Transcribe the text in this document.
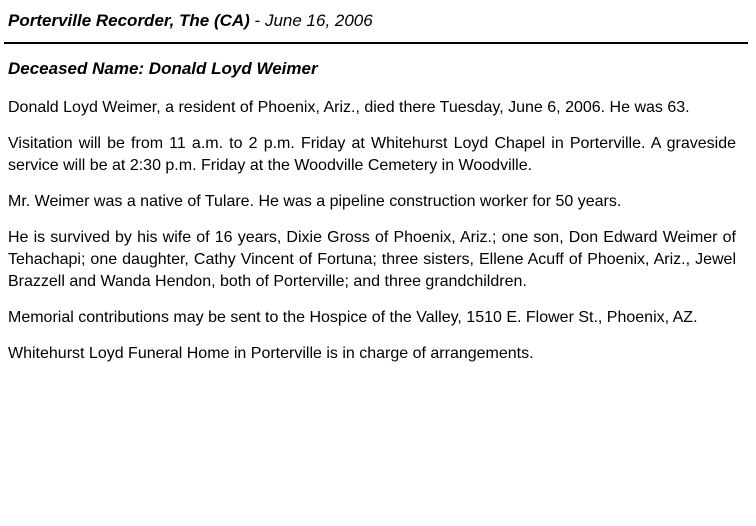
Porterville Recorder, The (CA) - June 16, 2006
Deceased Name: Donald Loyd Weimer

Donald Loyd Weimer, a resident of Phoenix, Ariz., died there Tuesday, June 6, 2006. He was 63.

Visitation will be from 11 a.m. to 2 p.m. Friday at Whitehurst Loyd Chapel in Porterville. A graveside service will be at 2:30 p.m. Friday at the Woodville Cemetery in Woodville.

Mr. Weimer was a native of Tulare. He was a pipeline construction worker for 50 years.

He is survived by his wife of 16 years, Dixie Gross of Phoenix, Ariz.; one son, Don Edward Weimer of Tehachapi; one daughter, Cathy Vincent of Fortuna; three sisters, Ellene Acuff of Phoenix, Ariz., Jewel Brazzell and Wanda Hendon, both of Porterville; and three grandchildren.

Memorial contributions may be sent to the Hospice of the Valley, 1510 E. Flower St., Phoenix, AZ.

Whitehurst Loyd Funeral Home in Porterville is in charge of arrangements.
